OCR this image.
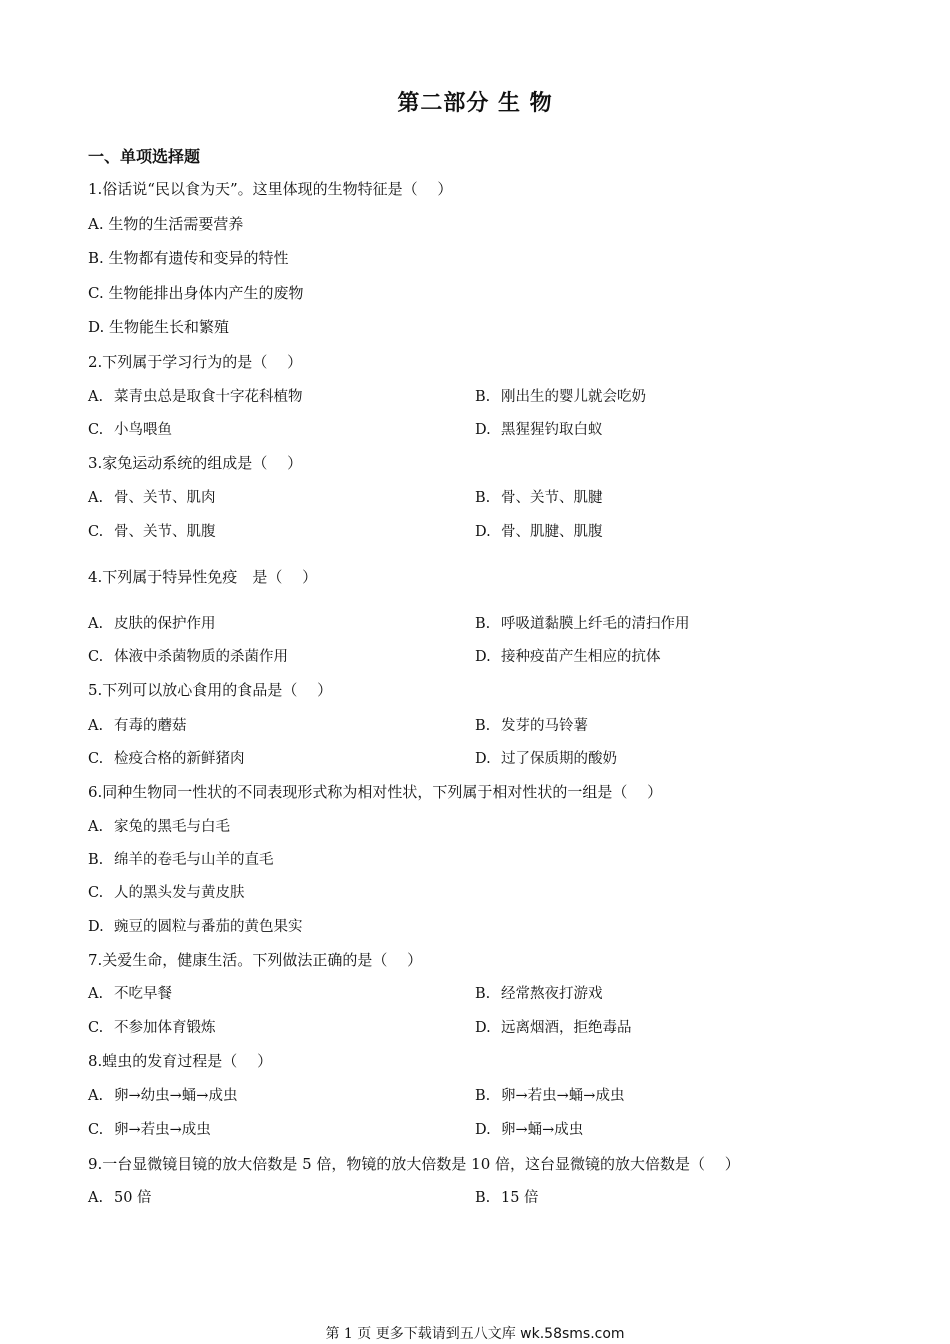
第二部分 生 物
一、单项选择题
1.俗话说“民以食为天”。这里体现的生物特征是（　 ）
A. 生物的生活需要营养
B. 生物都有遗传和变异的特性
C. 生物能排出身体内产生的废物
D. 生物能生长和繁殖
2.下列属于学习行为的是（　 ）
A. 菜青虫总是取食十字花科植物	B. 刚出生的婴儿就会吃奶
C. 小鸟喂鱼	D. 黑猩猩钓取白蚁
3.家兔运动系统的组成是（　 ）
A. 骨、关节、肌肉	B. 骨、关节、肌腱
C. 骨、关节、肌腹	D. 骨、肌腱、肌腹
4.下列属于特异性免疫　是（　 ）
A. 皮肤的保护作用	B. 呼吸道黏膜上纤毛的清扫作用
C. 体液中杀菌物质的杀菌作用	D. 接种疫苗产生相应的抗体
5.下列可以放心食用的食品是（　 ）
A. 有毒的蘑菇	B. 发芽的马铃薯
C. 检疫合格的新鲜猪肉	D. 过了保质期的酸奶
6.同种生物同一性状的不同表现形式称为相对性状，下列属于相对性状的一组是（　 ）
A. 家兔的黑毛与白毛
B. 绵羊的卷毛与山羊的直毛
C. 人的黑头发与黄皮肤
D. 豌豆的圆粒与番茄的黄色果实
7.关爱生命，健康生活。下列做法正确的是（　 ）
A. 不吃早餐	B. 经常熬夜打游戏
C. 不参加体育锻炼	D. 远离烟酒，拒绝毒品
8.蝗虫的发育过程是（　 ）
A. 卵→幼虫→蛹→成虫	B. 卵→若虫→蛹→成虫
C. 卵→若虫→成虫	D. 卵→蛹→成虫
9.一台显微镜目镜的放大倍数是 5 倍，物镜的放大倍数是 10 倍，这台显微镜的放大倍数是（　 ）
A. 50 倍	B. 15 倍
第 1 页 更多下载请到五八文库 wk.58sms.com
